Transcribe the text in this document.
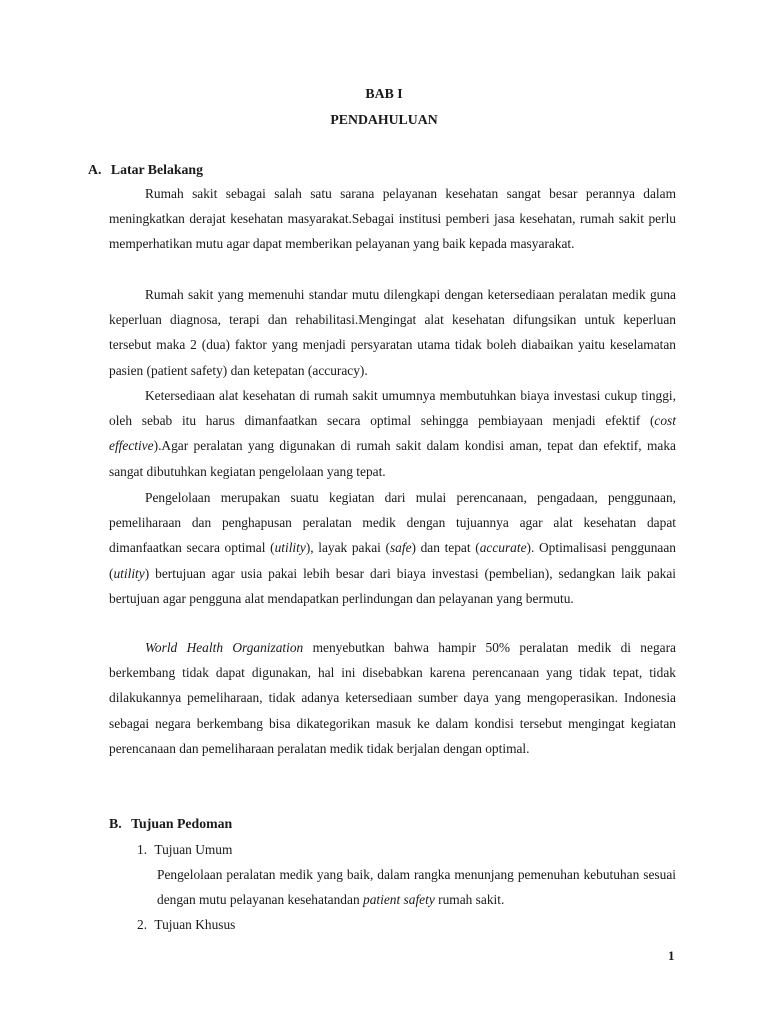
BAB I
PENDAHULUAN
A. Latar Belakang

Rumah sakit sebagai salah satu sarana pelayanan kesehatan sangat besar perannya dalam meningkatkan derajat kesehatan masyarakat.Sebagai institusi pemberi jasa kesehatan, rumah sakit perlu memperhatikan mutu agar dapat memberikan pelayanan yang baik kepada masyarakat.

Rumah sakit yang memenuhi standar mutu dilengkapi dengan ketersediaan peralatan medik guna keperluan diagnosa, terapi dan rehabilitasi.Mengingat alat kesehatan difungsikan untuk keperluan tersebut maka 2 (dua) faktor yang menjadi persyaratan utama tidak boleh diabaikan yaitu keselamatan pasien (patient safety) dan ketepatan (accuracy).

Ketersediaan alat kesehatan di rumah sakit umumnya membutuhkan biaya investasi cukup tinggi, oleh sebab itu harus dimanfaatkan secara optimal sehingga pembiayaan menjadi efektif (cost effective).Agar peralatan yang digunakan di rumah sakit dalam kondisi aman, tepat dan efektif, maka sangat dibutuhkan kegiatan pengelolaan yang tepat.

Pengelolaan merupakan suatu kegiatan dari mulai perencanaan, pengadaan, penggunaan, pemeliharaan dan penghapusan peralatan medik dengan tujuannya agar alat kesehatan dapat dimanfaatkan secara optimal (utility), layak pakai (safe) dan tepat (accurate). Optimalisasi penggunaan (utility) bertujuan agar usia pakai lebih besar dari biaya investasi (pembelian), sedangkan laik pakai bertujuan agar pengguna alat mendapatkan perlindungan dan pelayanan yang bermutu.

World Health Organization menyebutkan bahwa hampir 50% peralatan medik di negara berkembang tidak dapat digunakan, hal ini disebabkan karena perencanaan yang tidak tepat, tidak dilakukannya pemeliharaan, tidak adanya ketersediaan sumber daya yang mengoperasikan. Indonesia sebagai negara berkembang bisa dikategorikan masuk ke dalam kondisi tersebut mengingat kegiatan perencanaan dan pemeliharaan peralatan medik tidak berjalan dengan optimal.

B. Tujuan Pedoman
1. Tujuan Umum

Pengelolaan peralatan medik yang baik, dalam rangka menunjang pemenuhan kebutuhan sesuai dengan mutu pelayanan kesehatandan patient safety rumah sakit.

2. Tujuan Khusus
1
